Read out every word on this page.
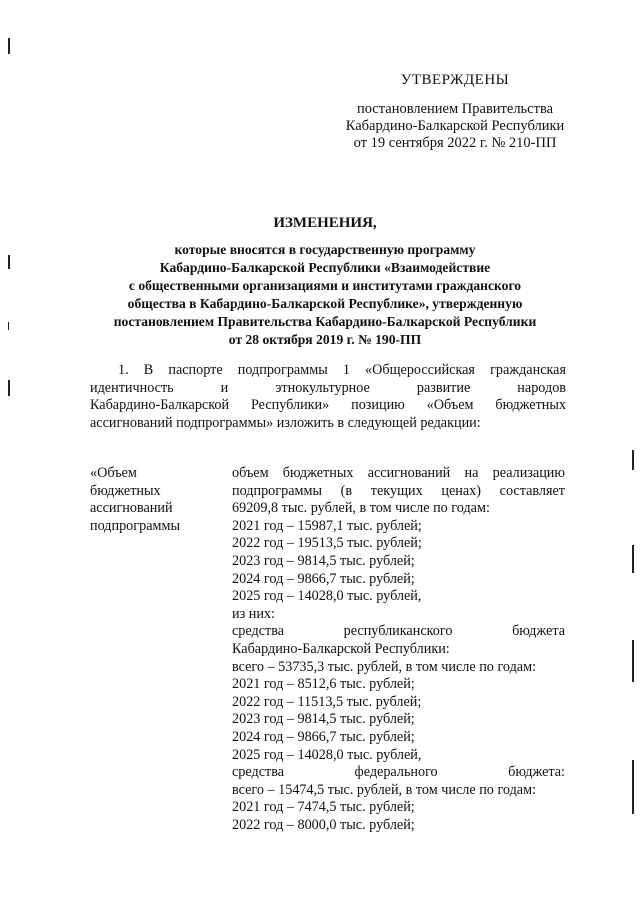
УТВЕРЖДЕНЫ
постановлением Правительства
Кабардино-Балкарской Республики
от 19 сентября 2022 г. № 210-ПП
ИЗМЕНЕНИЯ,
которые вносятся в государственную программу
Кабардино-Балкарской Республики «Взаимодействие
с общественными организациями и институтами гражданского
общества в Кабардино-Балкарской Республике», утвержденную
постановлением Правительства Кабардино-Балкарской Республики
от 28 октября 2019 г. № 190-ПП
1. В паспорте подпрограммы 1 «Общероссийская гражданская
идентичность и этнокультурное развитие народов
Кабардино-Балкарской Республики» позицию «Объем бюджетных
ассигнований подпрограммы» изложить в следующей редакции:
«Объем
бюджетных
ассигнований
подпрограммы
объем бюджетных ассигнований на реализацию
подпрограммы (в текущих ценах) составляет
69209,8 тыс. рублей, в том числе по годам:
2021 год – 15987,1 тыс. рублей;
2022 год – 19513,5 тыс. рублей;
2023 год – 9814,5 тыс. рублей;
2024 год – 9866,7 тыс. рублей;
2025 год – 14028,0 тыс. рублей,
из них:
средства республиканского бюджета
Кабардино-Балкарской Республики:
всего – 53735,3 тыс. рублей, в том числе по годам:
2021 год – 8512,6 тыс. рублей;
2022 год – 11513,5 тыс. рублей;
2023 год – 9814,5 тыс. рублей;
2024 год – 9866,7 тыс. рублей;
2025 год – 14028,0 тыс. рублей,
средства федерального бюджета:
всего – 15474,5 тыс. рублей, в том числе по годам:
2021 год – 7474,5 тыс. рублей;
2022 год – 8000,0 тыс. рублей;
